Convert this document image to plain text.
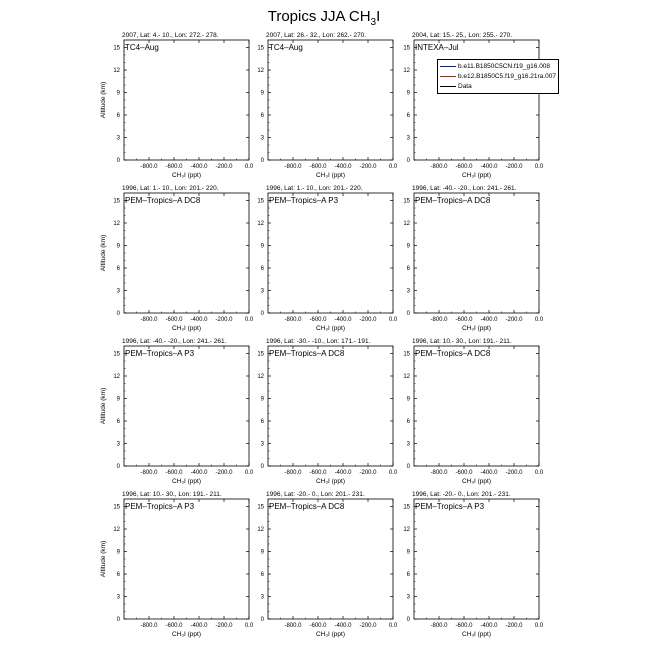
Tropics JJA $CH_3I$
2007, Lat: 4.- 10., Lon: 272.- 278.
TC4–Aug
0
3
6
9
12
15
-800.0 -600.0 -400.0 -200.0 0.0
CH₃I (ppt)
Altitude (km)
2007, Lat: 26.- 32., Lon: 262.- 270.
TC4–Aug
0
3
6
9
12
15
-800.0 -600.0 -400.0 -200.0 0.0
CH₃I (ppt)
2004, Lat: 15.- 25., Lon: 255.- 270.
INTEXA–Jul
0
3
6
9
12
15
-800.0 -600.0 -400.0 -200.0 0.0
CH₃I (ppt)
1996, Lat: 1.- 10., Lon: 201.- 220.
PEM–Tropics–A DC8
0
3
6
9
12
15
-800.0 -600.0 -400.0 -200.0 0.0
CH₃I (ppt)
Altitude (km)
1996, Lat: 1.- 10., Lon: 201.- 220.
PEM–Tropics–A P3
0
3
6
9
12
15
-800.0 -600.0 -400.0 -200.0 0.0
CH₃I (ppt)
1996, Lat: -40.- -20., Lon: 241.- 261.
PEM–Tropics–A DC8
0
3
6
9
12
15
-800.0 -600.0 -400.0 -200.0 0.0
CH₃I (ppt)
1996, Lat: -40.- -20., Lon: 241.- 261.
PEM–Tropics–A P3
0
3
6
9
12
15
-800.0 -600.0 -400.0 -200.0 0.0
CH₃I (ppt)
Altitude (km)
1996, Lat: -30.- -10., Lon: 171.- 191.
PEM–Tropics–A DC8
0
3
6
9
12
15
-800.0 -600.0 -400.0 -200.0 0.0
CH₃I (ppt)
1996, Lat: 10.- 30., Lon: 191.- 211.
PEM–Tropics–A DC8
0
3
6
9
12
15
-800.0 -600.0 -400.0 -200.0 0.0
CH₃I (ppt)
1996, Lat: 10.- 30., Lon: 191.- 211.
PEM–Tropics–A P3
0
3
6
9
12
15
-800.0 -600.0 -400.0 -200.0 0.0
CH₃I (ppt)
Altitude (km)
1996, Lat: -20.- 0., Lon: 201.- 231.
PEM–Tropics–A DC8
0
3
6
9
12
15
-800.0 -600.0 -400.0 -200.0 0.0
CH₃I (ppt)
1996, Lat: -20.- 0., Lon: 201.- 231.
PEM–Tropics–A P3
0
3
6
9
12
15
-800.0 -600.0 -400.0 -200.0 0.0
CH₃I (ppt)
b.e11.B1850C5CN.f19_g16.008
b.e12.B1850C5.f19_g16.21ra.007
Data
